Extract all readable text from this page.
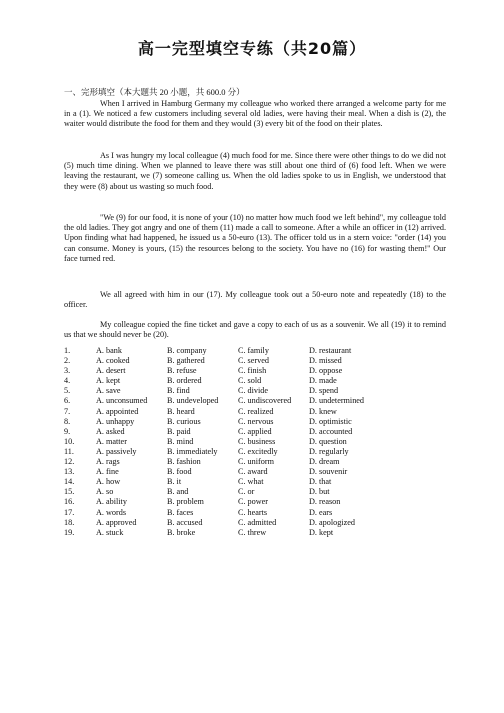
高一完型填空专练（共20篇）
一、完形填空（本大题共 20 小题，共 600.0 分）
When I arrived in Hamburg Germany my colleague who worked there arranged a welcome party for me in a (1). We noticed a few customers including several old ladies, were having their meal. When a dish is (2), the waiter would distribute the food for them and they would (3) every bit of the food on their plates.
As I was hungry my local colleague (4) much food for me. Since there were other things to do we did not (5) much time dining. When we planned to leave there was still about one third of (6) food left. When we were leaving the restaurant, we (7) someone calling us. When the old ladies spoke to us in English, we understood that they were (8) about us wasting so much food.
"We (9) for our food, it is none of your (10) no matter how much food we left behind", my colleague told the old ladies. They got angry and one of them (11) made a call to someone. After a while an officer in (12) arrived. Upon finding what had happened, he issued us a 50-euro (13). The officer told us in a stern voice: "order (14) you can consume. Money is yours, (15) the resources belong to the society. You have no (16) for wasting them!" Our face turned red.
We all agreed with him in our (17). My colleague took out a 50-euro note and repeatedly (18) to the officer.
My colleague copied the fine ticket and gave a copy to each of us as a souvenir. We all (19) it to remind us that we should never be (20).
1.	A. bank	B. company	C. family	D. restaurant
2.	A. cooked	B. gathered	C. served	D. missed
3.	A. desert	B. refuse	C. finish	D. oppose
4.	A. kept	B. ordered	C. sold	D. made
5.	A. save	B. find	C. divide	D. spend
6.	A. unconsumed	B. undeveloped	C. undiscovered	D. undetermined
7.	A. appointed	B. heard	C. realized	D. knew
8.	A. unhappy	B. curious	C. nervous	D. optimistic
9.	A. asked	B. paid	C. applied	D. accounted
10.	A. matter	B. mind	C. business	D. question
11.	A. passively	B. immediately	C. excitedly	D. regularly
12.	A. rags	B. fashion	C. uniform	D. dream
13.	A. fine	B. food	C. award	D. souvenir
14.	A. how	B. it	C. what	D. that
15.	A. so	B. and	C. or	D. but
16.	A. ability	B. problem	C. power	D. reason
17.	A. words	B. faces	C. hearts	D. ears
18.	A. approved	B. accused	C. admitted	D. apologized
19.	A. stuck	B. broke	C. threw	D. kept
